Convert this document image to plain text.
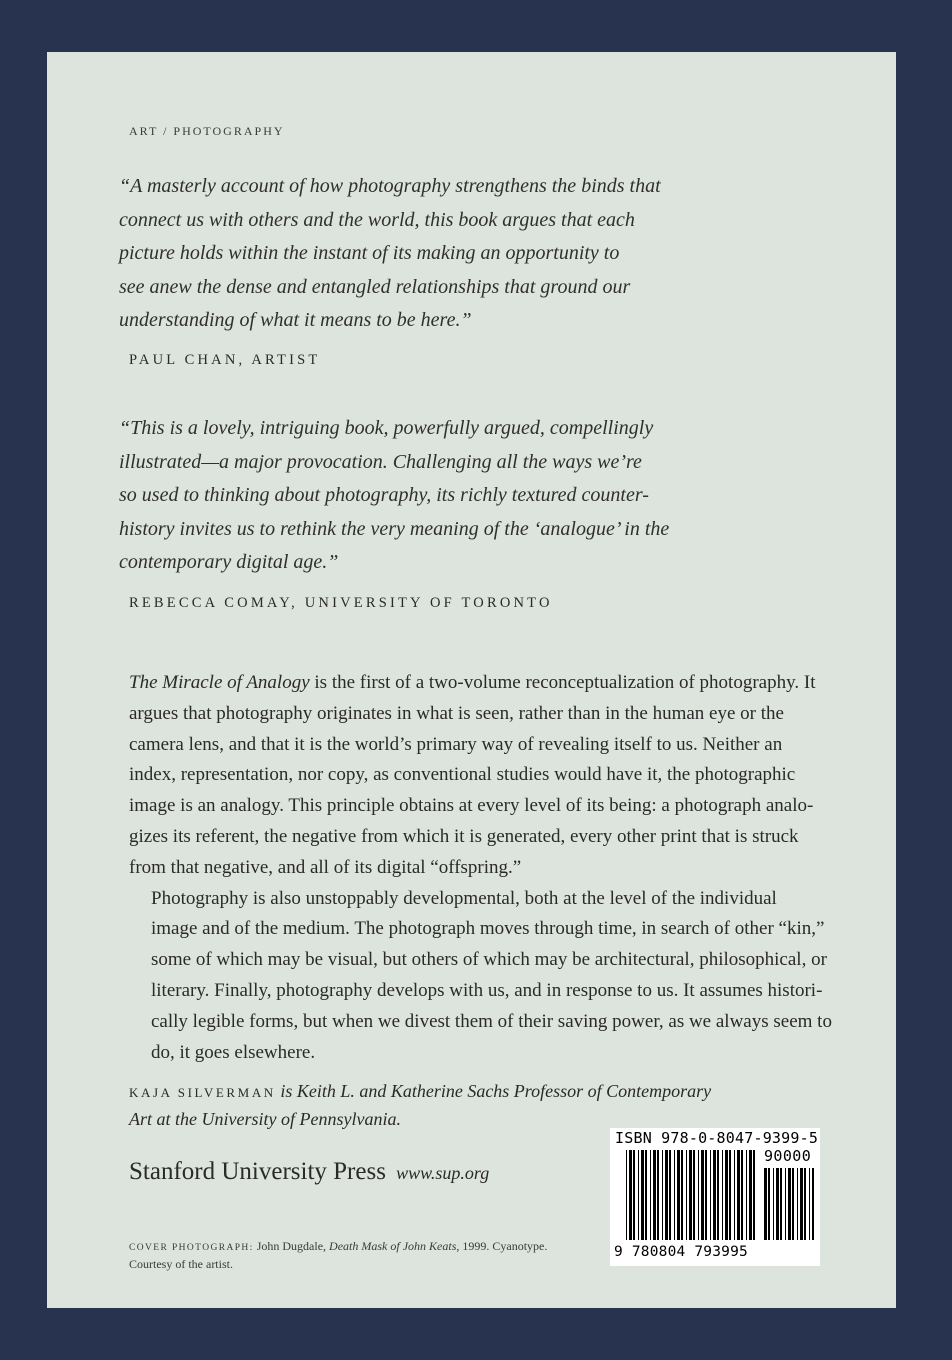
ART / PHOTOGRAPHY

“A masterly account of how photography strengthens the binds that
connect us with others and the world, this book argues that each
picture holds within the instant of its making an opportunity to
see anew the dense and entangled relationships that ground our
understanding of what it means to be here.”

PAUL CHAN, ARTIST

“This is a lovely, intriguing book, powerfully argued, compellingly
illustrated—a major provocation. Challenging all the ways we’re
so used to thinking about photography, its richly textured counter-
history invites us to rethink the very meaning of the ‘analogue’ in the
contemporary digital age.”

REBECCA COMAY, UNIVERSITY OF TORONTO

The Miracle of Analogy is the first of a two-volume reconceptualization of photography. It
argues that photography originates in what is seen, rather than in the human eye or the
camera lens, and that it is the world’s primary way of revealing itself to us. Neither an
index, representation, nor copy, as conventional studies would have it, the photographic
image is an analogy. This principle obtains at every level of its being: a photograph analo-
gizes its referent, the negative from which it is generated, every other print that is struck
from that negative, and all of its digital “offspring.”

Photography is also unstoppably developmental, both at the level of the individual
image and of the medium. The photograph moves through time, in search of other “kin,”
some of which may be visual, but others of which may be architectural, philosophical, or
literary. Finally, photography develops with us, and in response to us. It assumes histori-
cally legible forms, but when we divest them of their saving power, as we always seem to
do, it goes elsewhere.

KAJA SILVERMAN is Keith L. and Katherine Sachs Professor of Contemporary
Art at the University of Pennsylvania.
Stanford University Press www.sup.org
COVER PHOTOGRAPH: John Dugdale, Death Mask of John Keats, 1999. Cyanotype.
Courtesy of the artist.
ISBN 978-0-8047-9399-5
90000
9 780804 793995
